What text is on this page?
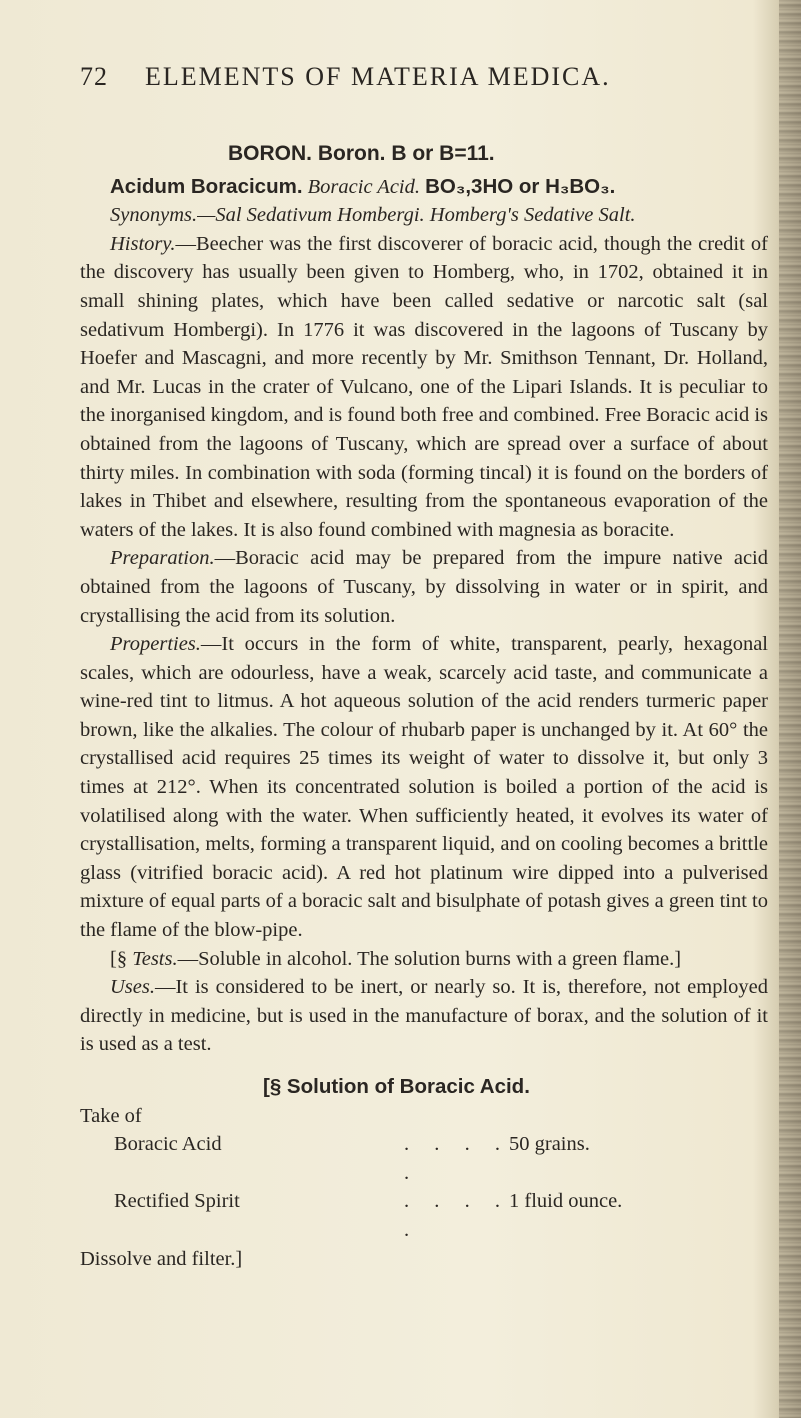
72 ELEMENTS OF MATERIA MEDICA.

BORON. Boron. B or B=11.

Acidum Boracicum. Boracic Acid. BO₃,3HO or H₃BO₃.

Synonyms.—Sal Sedativum Hombergi. Homberg's Sedative Salt.

History.—Beecher was the first discoverer of boracic acid, though the credit of the discovery has usually been given to Homberg, who, in 1702, obtained it in small shining plates, which have been called sedative or narcotic salt (sal sedativum Hombergi). In 1776 it was discovered in the lagoons of Tuscany by Hoefer and Mascagni, and more recently by Mr. Smithson Tennant, Dr. Holland, and Mr. Lucas in the crater of Vulcano, one of the Lipari Islands. It is peculiar to the inorganised kingdom, and is found both free and combined. Free Boracic acid is obtained from the lagoons of Tuscany, which are spread over a surface of about thirty miles. In combination with soda (forming tincal) it is found on the borders of lakes in Thibet and elsewhere, resulting from the spontaneous evaporation of the waters of the lakes. It is also found combined with magnesia as boracite.

Preparation.—Boracic acid may be prepared from the impure native acid obtained from the lagoons of Tuscany, by dissolving in water or in spirit, and crystallising the acid from its solution.

Properties.—It occurs in the form of white, transparent, pearly, hexagonal scales, which are odourless, have a weak, scarcely acid taste, and communicate a wine-red tint to litmus. A hot aqueous solution of the acid renders turmeric paper brown, like the alkalies. The colour of rhubarb paper is unchanged by it. At 60° the crystallised acid requires 25 times its weight of water to dissolve it, but only 3 times at 212°. When its concentrated solution is boiled a portion of the acid is volatilised along with the water. When sufficiently heated, it evolves its water of crystallisation, melts, forming a transparent liquid, and on cooling becomes a brittle glass (vitrified boracic acid). A red hot platinum wire dipped into a pulverised mixture of equal parts of a boracic salt and bisulphate of potash gives a green tint to the flame of the blow-pipe.

[§ Tests.—Soluble in alcohol. The solution burns with a green flame.]

Uses.—It is considered to be inert, or nearly so. It is, therefore, not employed directly in medicine, but is used in the manufacture of borax, and the solution of it is used as a test.

[§ Solution of Boracic Acid.

Take of

Boracic Acid	. . . . .
50 grains.
Rectified Spirit	. . . . .
1 fluid ounce.

Dissolve and filter.]
